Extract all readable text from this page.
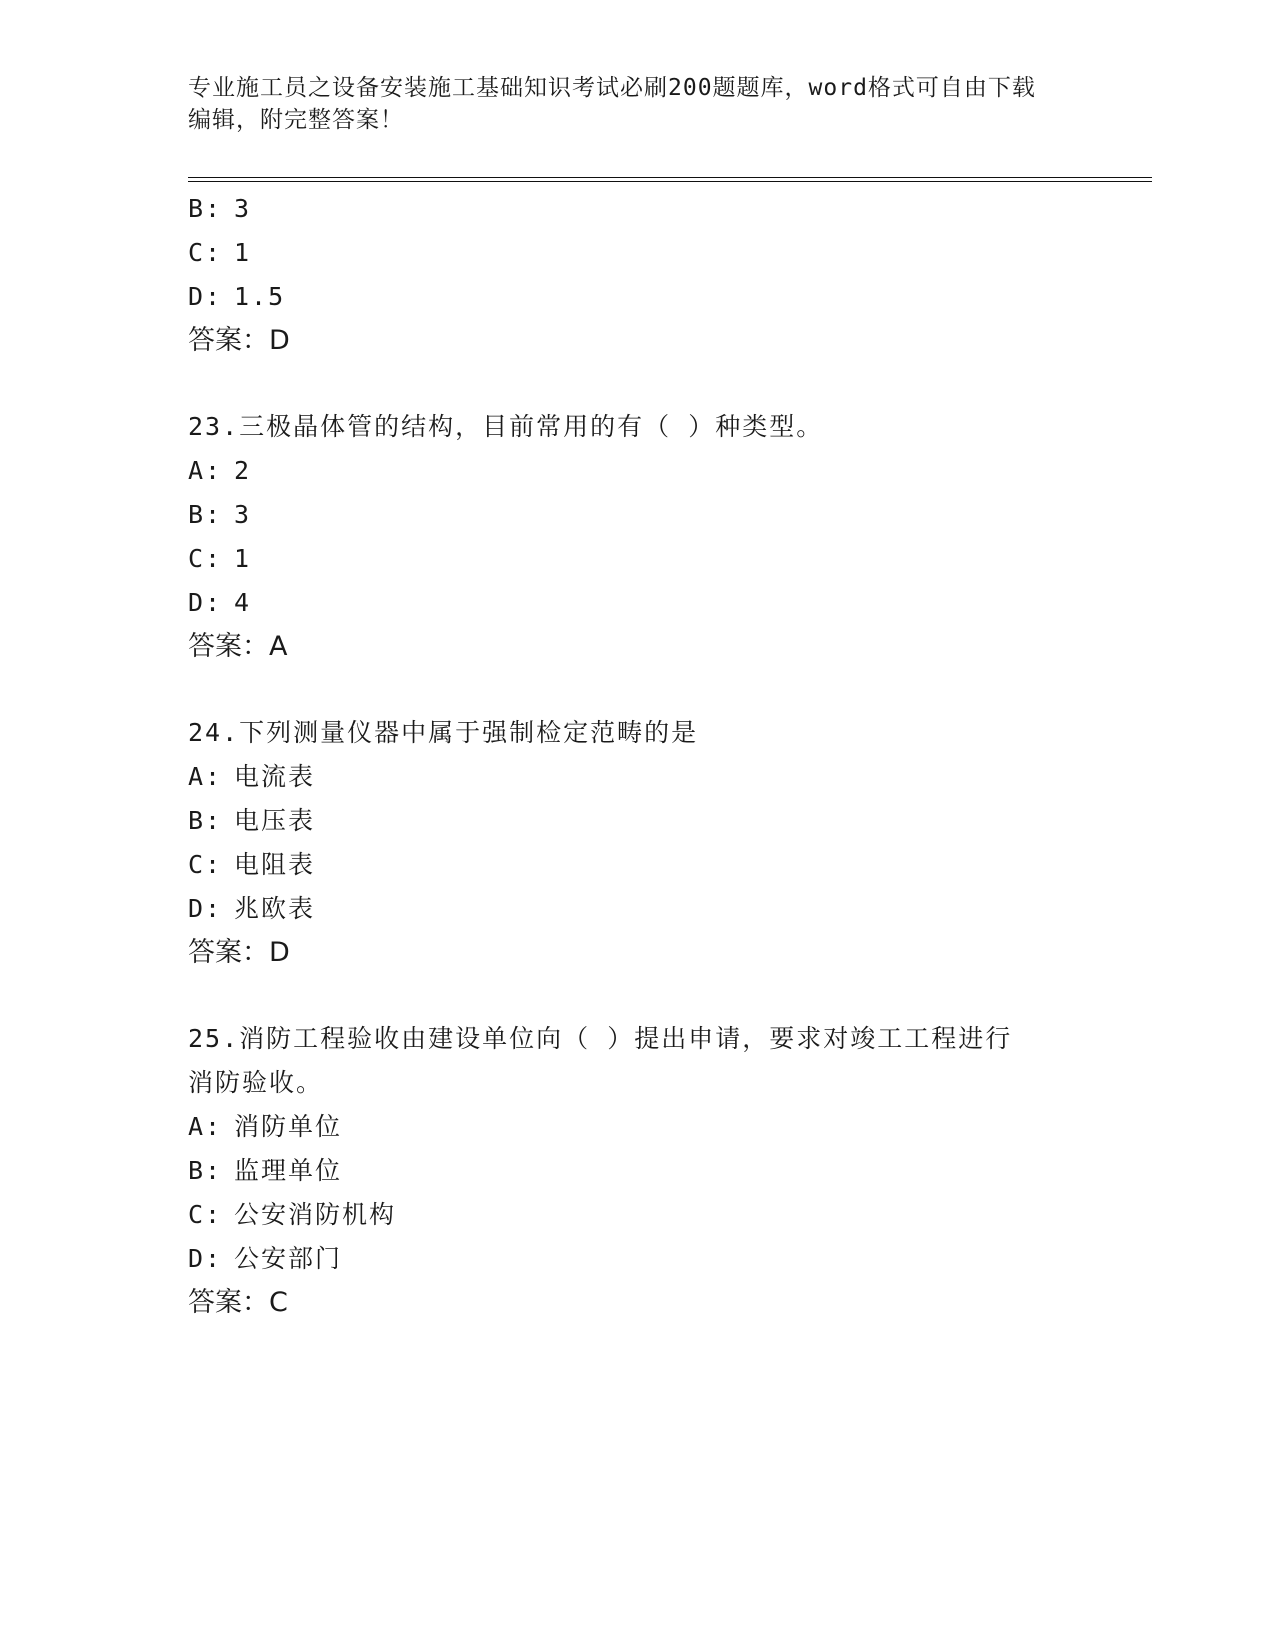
专业施工员之设备安装施工基础知识考试必刷200题题库，word格式可自由下载
编辑，附完整答案！
B: 3
C: 1
D: 1.5
答案：D
23.三极晶体管的结构，目前常用的有（ ）种类型。
A: 2
B: 3
C: 1
D: 4
答案：A
24.下列测量仪器中属于强制检定范畴的是
A: 电流表
B: 电压表
C: 电阻表
D: 兆欧表
答案：D
25.消防工程验收由建设单位向（ ）提出申请，要求对竣工工程进行
消防验收。
A: 消防单位
B: 监理单位
C: 公安消防机构
D: 公安部门
答案：C
